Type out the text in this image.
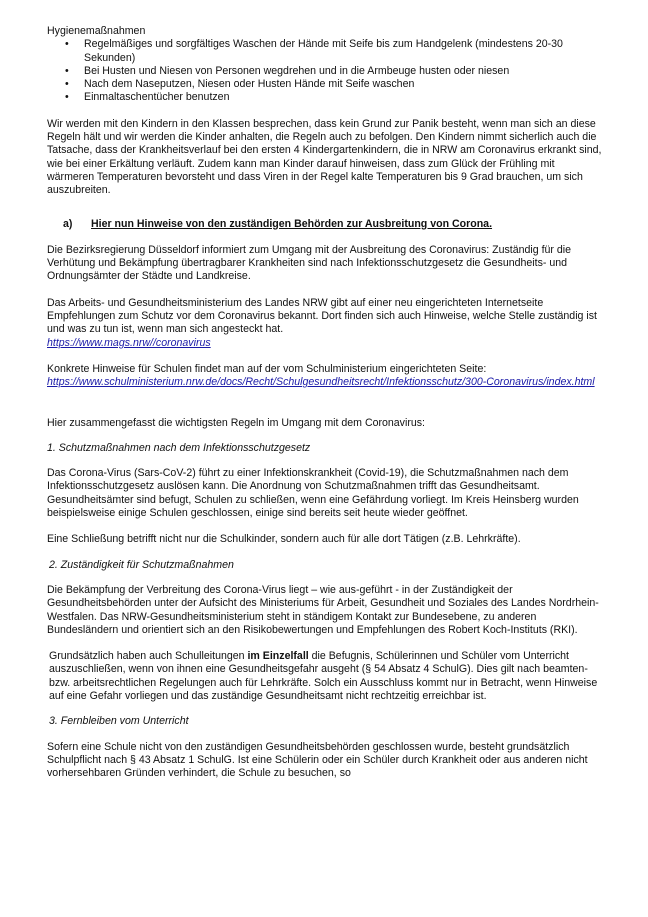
Hygienemaßnahmen

• Regelmäßiges und sorgfältiges Waschen der Hände mit Seife bis zum Handgelenk (mindestens 20-30 Sekunden)
• Bei Husten und Niesen von Personen wegdrehen und in die Armbeuge husten oder niesen
• Nach dem Naseputzen, Niesen oder Husten Hände mit Seife waschen
• Einmaltaschentücher benutzen

Wir werden mit den Kindern in den Klassen besprechen, dass kein Grund zur Panik besteht, wenn man sich an diese Regeln hält und wir werden die Kinder anhalten, die Regeln auch zu befolgen. Den Kindern nimmt sicherlich auch die Tatsache, dass der Krankheitsverlauf bei den ersten 4 Kindergartenkindern, die in NRW am Coronavirus erkrankt sind, wie bei einer Erkältung verläuft. Zudem kann man Kinder darauf hinweisen, dass zum Glück der Frühling mit wärmeren Temperaturen bevorsteht und dass Viren in der Regel kalte Temperaturen bis 9 Grad brauchen, um sich auszubreiten.

a) Hier nun Hinweise von den zuständigen Behörden zur Ausbreitung von Corona.

Die Bezirksregierung Düsseldorf informiert zum Umgang mit der Ausbreitung des Coronavirus: Zuständig für die Verhütung und Bekämpfung übertragbarer Krankheiten sind nach Infektionsschutzgesetz die Gesundheits- und Ordnungsämter der Städte und Landkreise.

Das Arbeits- und Gesundheitsministerium des Landes NRW gibt auf einer neu eingerichteten Internetseite Empfehlungen zum Schutz vor dem Coronavirus bekannt. Dort finden sich auch Hinweise, welche Stelle zuständig ist und was zu tun ist, wenn man sich angesteckt hat.
https://www.mags.nrw//coronavirus

Konkrete Hinweise für Schulen findet man auf der vom Schulministerium eingerichteten Seite:
https://www.schulministerium.nrw.de/docs/Recht/Schulgesundheitsrecht/Infektionsschutz/300-Coronavirus/index.html

Hier zusammengefasst die wichtigsten Regeln im Umgang mit dem Coronavirus:

1. Schutzmaßnahmen nach dem Infektionsschutzgesetz

Das Corona-Virus (Sars-CoV-2) führt zu einer Infektionskrankheit (Covid-19), die Schutzmaßnahmen nach dem Infektionsschutzgesetz auslösen kann. Die Anordnung von Schutzmaßnahmen trifft das Gesundheitsamt. Gesundheitsämter sind befugt, Schulen zu schließen, wenn eine Gefährdung vorliegt. Im Kreis Heinsberg wurden beispielsweise einige Schulen geschlossen, einige sind bereits seit heute wieder geöffnet.

Eine Schließung betrifft nicht nur die Schulkinder, sondern auch für alle dort Tätigen (z.B. Lehrkräfte).

2. Zuständigkeit für Schutzmaßnahmen

Die Bekämpfung der Verbreitung des Corona-Virus liegt – wie aus-geführt - in der Zuständigkeit der Gesundheitsbehörden unter der Aufsicht des Ministeriums für Arbeit, Gesundheit und Soziales des Landes Nordrhein-Westfalen. Das NRW-Gesundheitsministerium steht in ständigem Kontakt zur Bundesebene, zu anderen Bundesländern und orientiert sich an den Risikobewertungen und Empfehlungen des Robert Koch-Instituts (RKI).

Grundsätzlich haben auch Schulleitungen im Einzelfall die Befugnis, Schülerinnen und Schüler vom Unterricht auszuschließen, wenn von ihnen eine Gesundheitsgefahr ausgeht (§ 54 Absatz 4 SchulG). Dies gilt nach beamten- bzw. arbeitsrechtlichen Regelungen auch für Lehrkräfte. Solch ein Ausschluss kommt nur in Betracht, wenn Hinweise auf eine Gefahr vorliegen und das zuständige Gesundheitsamt nicht rechtzeitig erreichbar ist.

3. Fernbleiben vom Unterricht

Sofern eine Schule nicht von den zuständigen Gesundheitsbehörden geschlossen wurde, besteht grundsätzlich Schulpflicht nach § 43 Absatz 1 SchulG. Ist eine Schülerin oder ein Schüler durch Krankheit oder aus anderen nicht vorhersehbaren Gründen verhindert, die Schule zu besuchen, so
